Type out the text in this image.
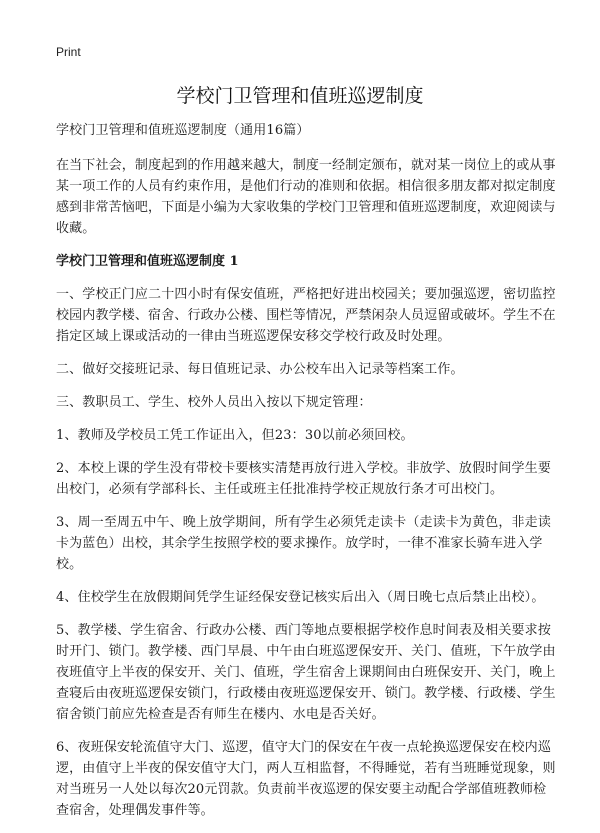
Print
学校门卫管理和值班巡逻制度

学校门卫管理和值班巡逻制度（通用16篇）

在当下社会，制度起到的作用越来越大，制度一经制定颁布，就对某一岗位上的或从事某一项工作的人员有约束作用，是他们行动的准则和依据。相信很多朋友都对拟定制度感到非常苦恼吧，下面是小编为大家收集的学校门卫管理和值班巡逻制度，欢迎阅读与收藏。

学校门卫管理和值班巡逻制度 1

一、学校正门应二十四小时有保安值班，严格把好进出校园关；要加强巡逻，密切监控校园内教学楼、宿舍、行政办公楼、围栏等情况，严禁闲杂人员逗留或破坏。学生不在指定区域上课或活动的一律由当班巡逻保安移交学校行政及时处理。

二、做好交接班记录、每日值班记录、办公校车出入记录等档案工作。

三、教职员工、学生、校外人员出入按以下规定管理：

1、教师及学校员工凭工作证出入，但23：30以前必须回校。

2、本校上课的学生没有带校卡要核实清楚再放行进入学校。非放学、放假时间学生要出校门，必须有学部科长、主任或班主任批准持学校正规放行条才可出校门。

3、周一至周五中午、晚上放学期间，所有学生必须凭走读卡（走读卡为黄色，非走读卡为蓝色）出校，其余学生按照学校的要求操作。放学时，一律不准家长骑车进入学校。

4、住校学生在放假期间凭学生证经保安登记核实后出入（周日晚七点后禁止出校）。

5、教学楼、学生宿舍、行政办公楼、西门等地点要根据学校作息时间表及相关要求按时开门、锁门。教学楼、西门早晨、中午由白班巡逻保安开、关门、值班，下午放学由夜班值守上半夜的保安开、关门、值班，学生宿舍上课期间由白班保安开、关门，晚上查寝后由夜班巡逻保安锁门，行政楼由夜班巡逻保安开、锁门。教学楼、行政楼、学生宿舍锁门前应先检查是否有师生在楼内、水电是否关好。

6、夜班保安轮流值守大门、巡逻，值守大门的保安在午夜一点轮换巡逻保安在校内巡逻，由值守上半夜的保安值守大门，两人互相监督，不得睡觉，若有当班睡觉现象，则对当班另一人处以每次20元罚款。负责前半夜巡逻的保安要主动配合学部值班教师检查宿舍，处理偶发事件等。
